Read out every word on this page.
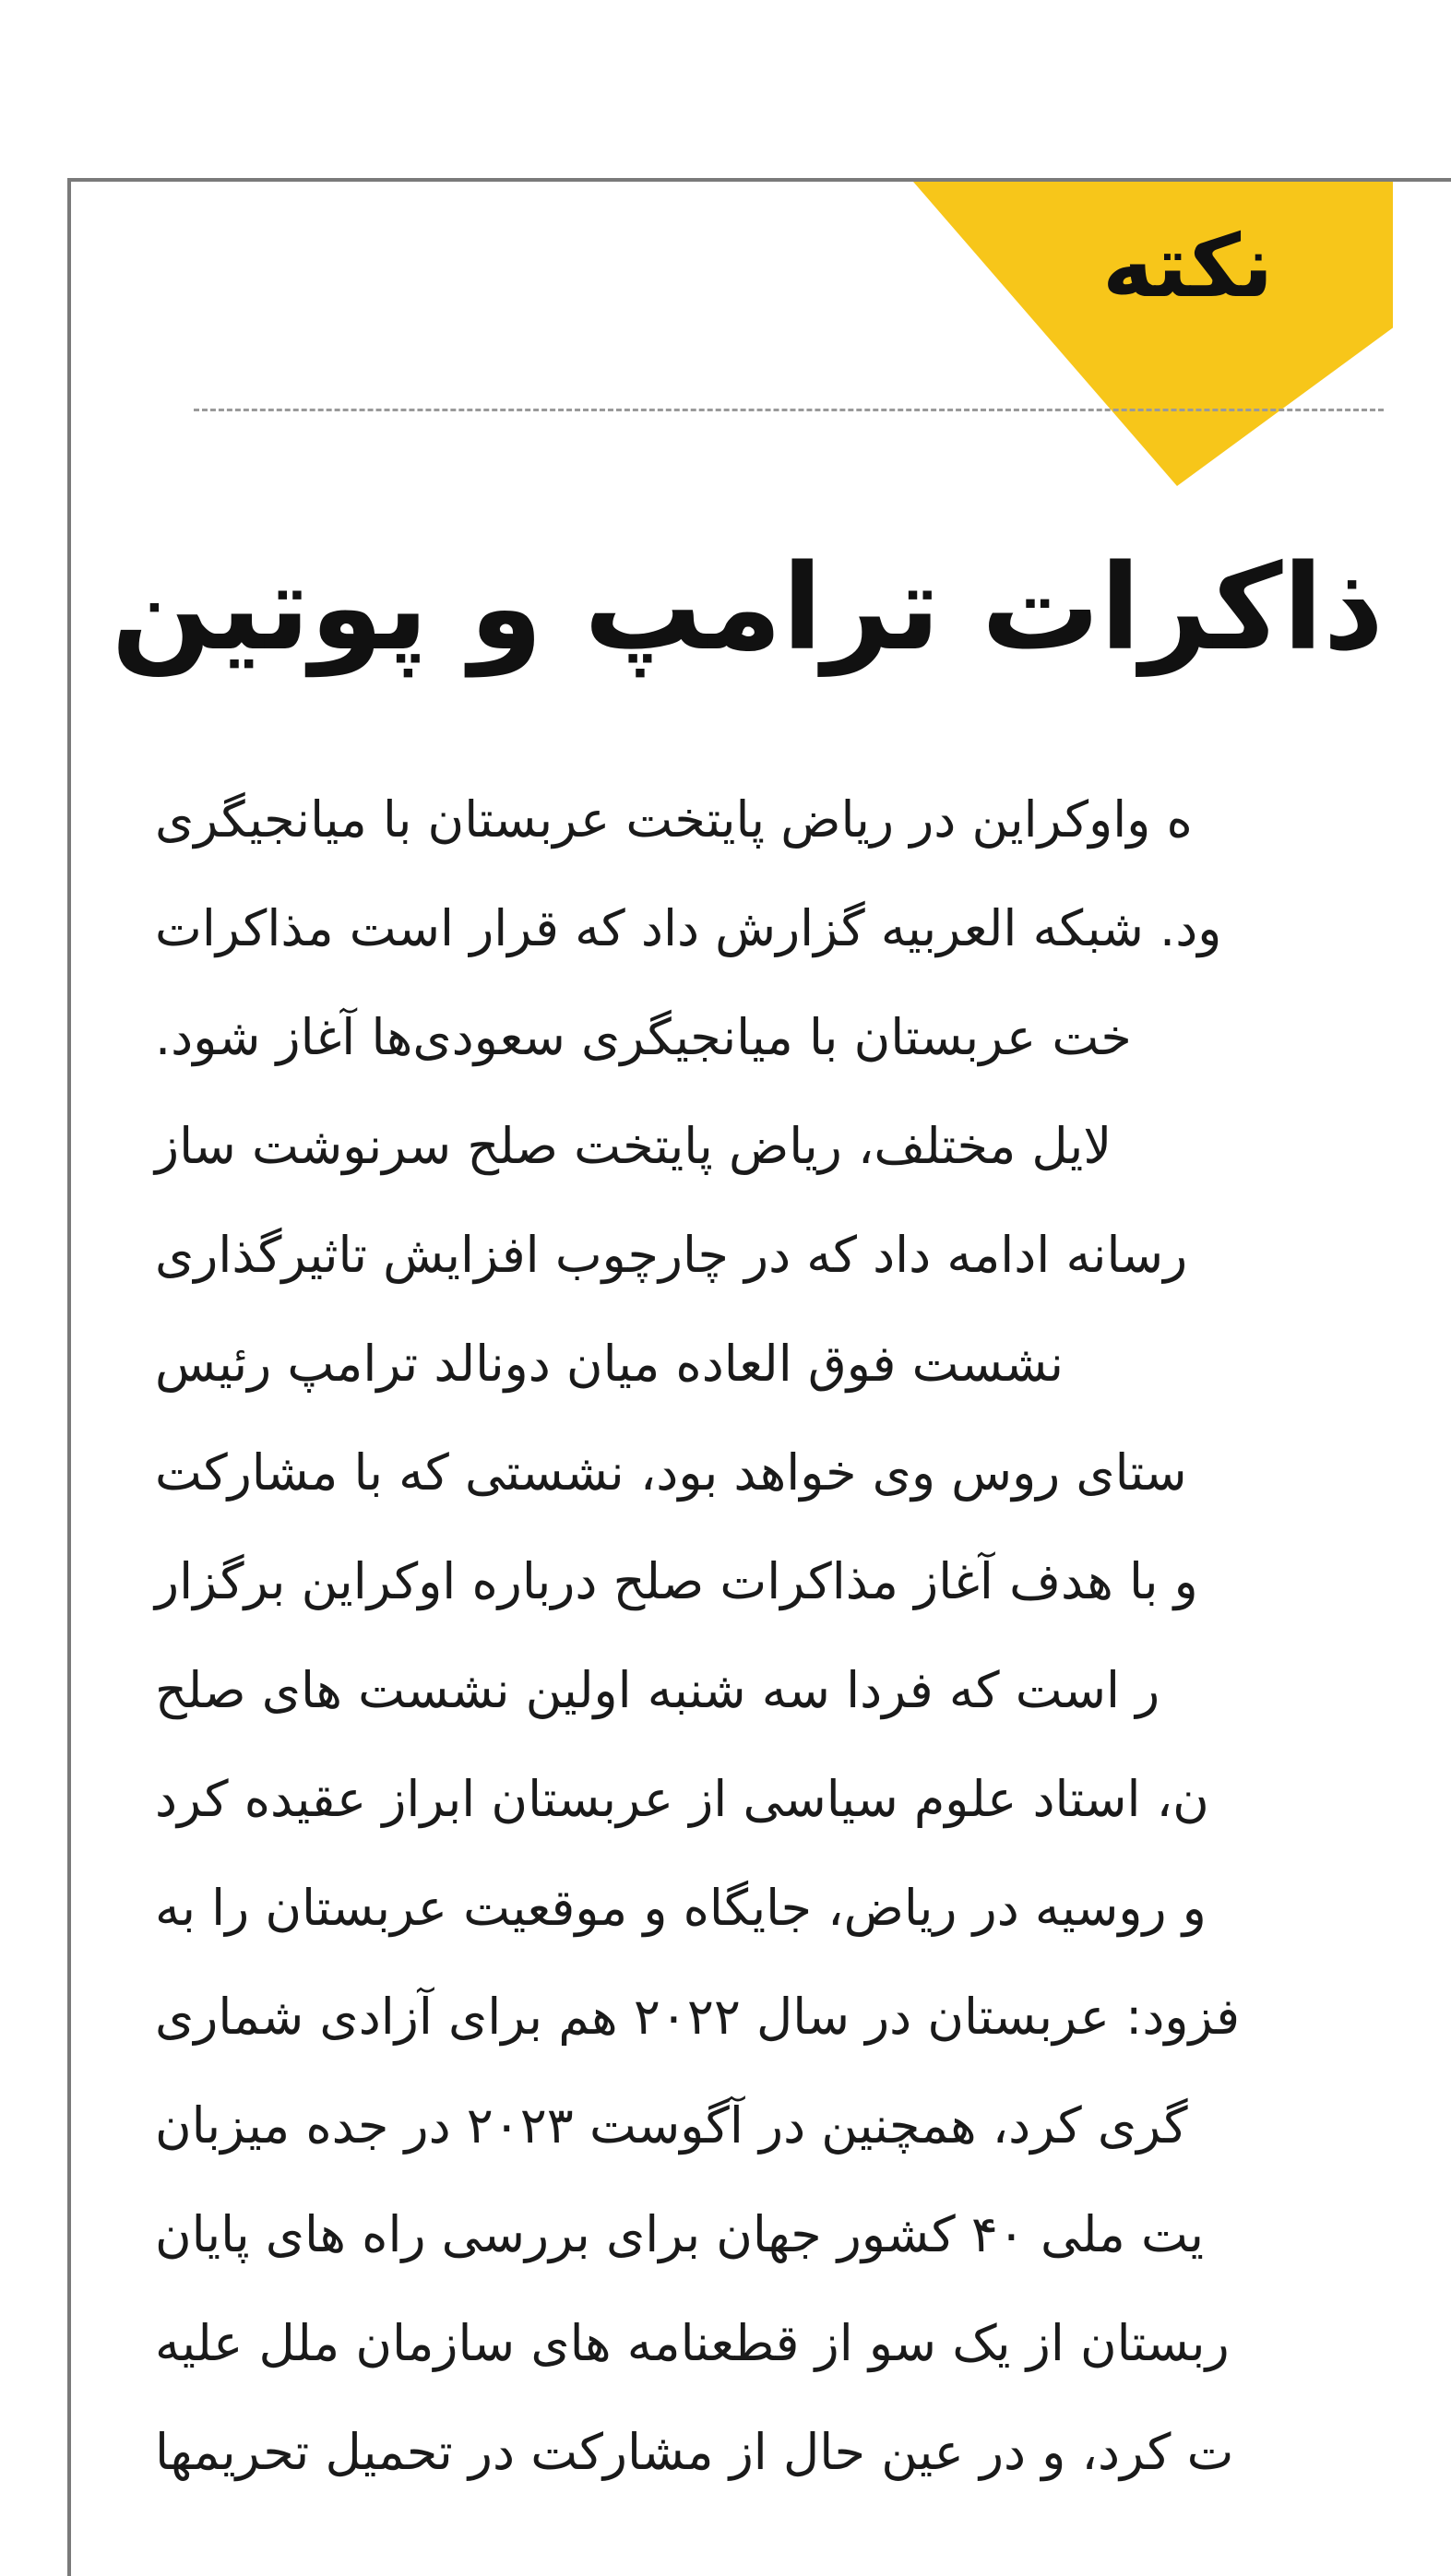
نکته
ذاکرات ترامپ و پوتین
ه واوکراین در ریاض پایتخت عربستان با میانجیگری
ود. شبکه العربیه گزارش داد که قرار است مذاکرات
خت عربستان با میانجیگری سعودی‌ها آغاز شود.
لایل مختلف، ریاض پایتخت صلح سرنوشت ساز
رسانه ادامه داد که در چارچوب افزایش تاثیرگذاری
نشست فوق العاده میان دونالد ترامپ رئیس
ستای روس وی خواهد بود، نشستی که با مشارکت
و با هدف آغاز مذاکرات صلح درباره اوکراین برگزار
ر است که فردا سه شنبه اولین نشست های صلح
ن، استاد علوم سیاسی از عربستان ابراز عقیده کرد
و روسیه در ریاض، جایگاه و موقعیت عربستان را به
فزود: عربستان در سال ۲۰۲۲ هم برای آزادی شماری
گری کرد، همچنین در آگوست ۲۰۲۳ در جده میزبان
یت ملی ۴۰ کشور جهان برای بررسی راه های پایان
ربستان از یک سو از قطعنامه های سازمان ملل علیه
ت کرد، و در عین حال از مشارکت در تحمیل تحریمها
